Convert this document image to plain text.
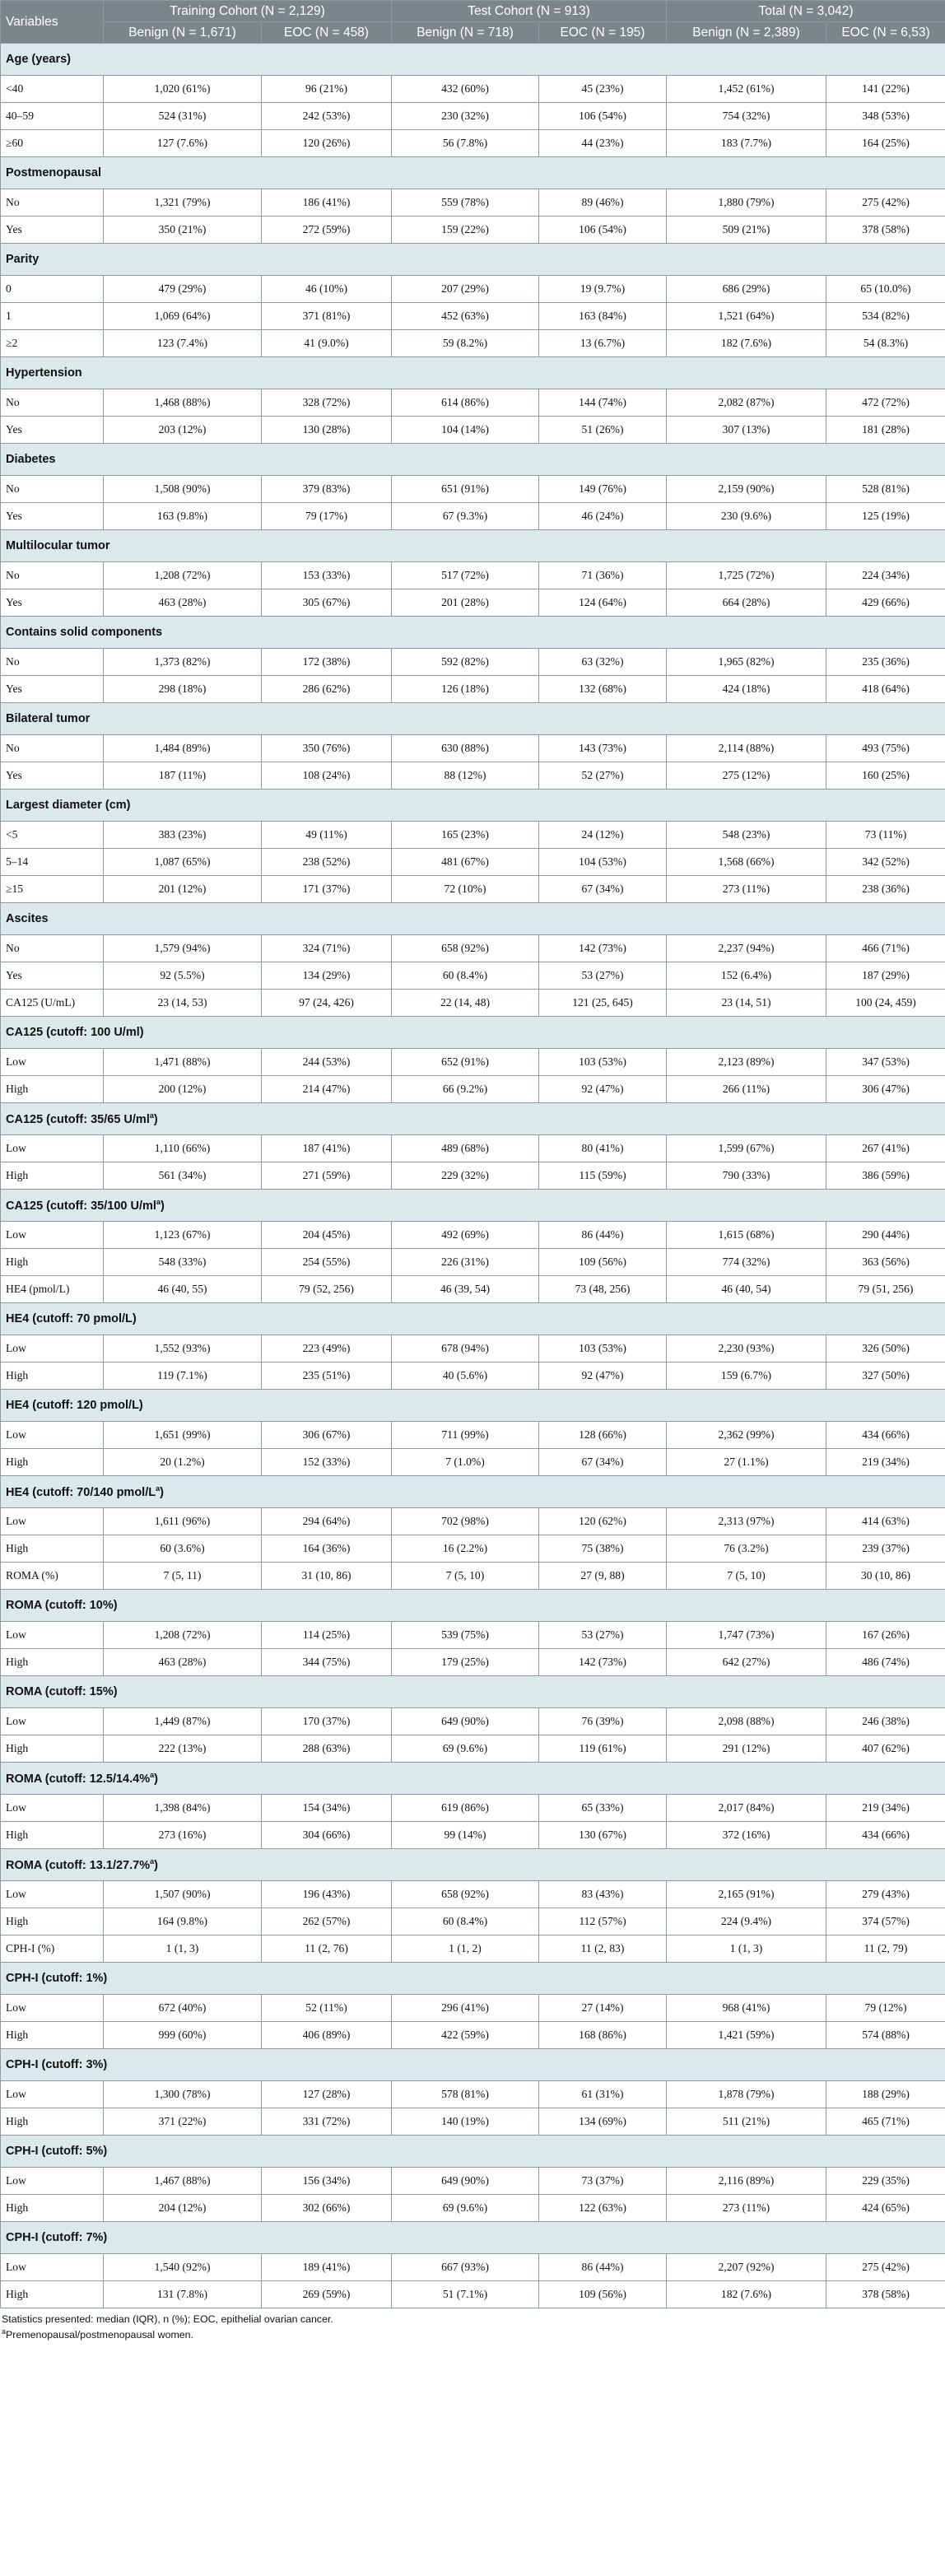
Variables	Training Cohort (N = 2,129)		Test Cohort (N = 913)		Total (N = 3,042)	
	Benign (N = 1,671)	EOC (N = 458)	Benign (N = 718)	EOC (N = 195)	Benign (N = 2,389)	EOC (N = 6,53)
Age (years)						
<40	1,020 (61%)	96 (21%)	432 (60%)	45 (23%)	1,452 (61%)	141 (22%)
40–59	524 (31%)	242 (53%)	230 (32%)	106 (54%)	754 (32%)	348 (53%)
≥60	127 (7.6%)	120 (26%)	56 (7.8%)	44 (23%)	183 (7.7%)	164 (25%)
Postmenopausal						
No	1,321 (79%)	186 (41%)	559 (78%)	89 (46%)	1,880 (79%)	275 (42%)
Yes	350 (21%)	272 (59%)	159 (22%)	106 (54%)	509 (21%)	378 (58%)
Parity						
0	479 (29%)	46 (10%)	207 (29%)	19 (9.7%)	686 (29%)	65 (10.0%)
1	1,069 (64%)	371 (81%)	452 (63%)	163 (84%)	1,521 (64%)	534 (82%)
≥2	123 (7.4%)	41 (9.0%)	59 (8.2%)	13 (6.7%)	182 (7.6%)	54 (8.3%)
Hypertension						
No	1,468 (88%)	328 (72%)	614 (86%)	144 (74%)	2,082 (87%)	472 (72%)
Yes	203 (12%)	130 (28%)	104 (14%)	51 (26%)	307 (13%)	181 (28%)
Diabetes						
No	1,508 (90%)	379 (83%)	651 (91%)	149 (76%)	2,159 (90%)	528 (81%)
Yes	163 (9.8%)	79 (17%)	67 (9.3%)	46 (24%)	230 (9.6%)	125 (19%)
Multilocular tumor						
No	1,208 (72%)	153 (33%)	517 (72%)	71 (36%)	1,725 (72%)	224 (34%)
Yes	463 (28%)	305 (67%)	201 (28%)	124 (64%)	664 (28%)	429 (66%)
Contains solid components						
No	1,373 (82%)	172 (38%)	592 (82%)	63 (32%)	1,965 (82%)	235 (36%)
Yes	298 (18%)	286 (62%)	126 (18%)	132 (68%)	424 (18%)	418 (64%)
Bilateral tumor						
No	1,484 (89%)	350 (76%)	630 (88%)	143 (73%)	2,114 (88%)	493 (75%)
Yes	187 (11%)	108 (24%)	88 (12%)	52 (27%)	275 (12%)	160 (25%)
Largest diameter (cm)						
<5	383 (23%)	49 (11%)	165 (23%)	24 (12%)	548 (23%)	73 (11%)
5–14	1,087 (65%)	238 (52%)	481 (67%)	104 (53%)	1,568 (66%)	342 (52%)
≥15	201 (12%)	171 (37%)	72 (10%)	67 (34%)	273 (11%)	238 (36%)
Ascites						
No	1,579 (94%)	324 (71%)	658 (92%)	142 (73%)	2,237 (94%)	466 (71%)
Yes	92 (5.5%)	134 (29%)	60 (8.4%)	53 (27%)	152 (6.4%)	187 (29%)
CA125 (U/mL)	23 (14, 53)	97 (24, 426)	22 (14, 48)	121 (25, 645)	23 (14, 51)	100 (24, 459)
CA125 (cutoff: 100 U/ml)						
Low	1,471 (88%)	244 (53%)	652 (91%)	103 (53%)	2,123 (89%)	347 (53%)
High	200 (12%)	214 (47%)	66 (9.2%)	92 (47%)	266 (11%)	306 (47%)
CA125 (cutoff: 35/65 $U/ml^a$)						
Low	1,110 (66%)	187 (41%)	489 (68%)	80 (41%)	1,599 (67%)	267 (41%)
High	561 (34%)	271 (59%)	229 (32%)	115 (59%)	790 (33%)	386 (59%)
CA125 (cutoff: 35/100 $U/ml^a$)						
Low	1,123 (67%)	204 (45%)	492 (69%)	86 (44%)	1,615 (68%)	290 (44%)
High	548 (33%)	254 (55%)	226 (31%)	109 (56%)	774 (32%)	363 (56%)
HE4 (pmol/L)	46 (40, 55)	79 (52, 256)	46 (39, 54)	73 (48, 256)	46 (40, 54)	79 (51, 256)
HE4 (cutoff: 70 pmol/L)						
Low	1,552 (93%)	223 (49%)	678 (94%)	103 (53%)	2,230 (93%)	326 (50%)
High	119 (7.1%)	235 (51%)	40 (5.6%)	92 (47%)	159 (6.7%)	327 (50%)
HE4 (cutoff: 120 pmol/L)						
Low	1,651 (99%)	306 (67%)	711 (99%)	128 (66%)	2,362 (99%)	434 (66%)
High	20 (1.2%)	152 (33%)	7 (1.0%)	67 (34%)	27 (1.1%)	219 (34%)
HE4 (cutoff: 70/140 pmol/$L^a$)						
Low	1,611 (96%)	294 (64%)	702 (98%)	120 (62%)	2,313 (97%)	414 (63%)
High	60 (3.6%)	164 (36%)	16 (2.2%)	75 (38%)	76 (3.2%)	239 (37%)
ROMA (%)	7 (5, 11)	31 (10, 86)	7 (5, 10)	27 (9, 88)	7 (5, 10)	30 (10, 86)
ROMA (cutoff: 10%)						
Low	1,208 (72%)	114 (25%)	539 (75%)	53 (27%)	1,747 (73%)	167 (26%)
High	463 (28%)	344 (75%)	179 (25%)	142 (73%)	642 (27%)	486 (74%)
ROMA (cutoff: 15%)						
Low	1,449 (87%)	170 (37%)	649 (90%)	76 (39%)	2,098 (88%)	246 (38%)
High	222 (13%)	288 (63%)	69 (9.6%)	119 (61%)	291 (12%)	407 (62%)
ROMA (cutoff: 12.5/14.4%$^a$)						
Low	1,398 (84%)	154 (34%)	619 (86%)	65 (33%)	2,017 (84%)	219 (34%)
High	273 (16%)	304 (66%)	99 (14%)	130 (67%)	372 (16%)	434 (66%)
ROMA (cutoff: 13.1/27.7%$^a$)						
Low	1,507 (90%)	196 (43%)	658 (92%)	83 (43%)	2,165 (91%)	279 (43%)
High	164 (9.8%)	262 (57%)	60 (8.4%)	112 (57%)	224 (9.4%)	374 (57%)
CPH-I (%)	1 (1, 3)	11 (2, 76)	1 (1, 2)	11 (2, 83)	1 (1, 3)	11 (2, 79)
CPH-I (cutoff: 1%)						
Low	672 (40%)	52 (11%)	296 (41%)	27 (14%)	968 (41%)	79 (12%)
High	999 (60%)	406 (89%)	422 (59%)	168 (86%)	1,421 (59%)	574 (88%)
CPH-I (cutoff: 3%)						
Low	1,300 (78%)	127 (28%)	578 (81%)	61 (31%)	1,878 (79%)	188 (29%)
High	371 (22%)	331 (72%)	140 (19%)	134 (69%)	511 (21%)	465 (71%)
CPH-I (cutoff: 5%)						
Low	1,467 (88%)	156 (34%)	649 (90%)	73 (37%)	2,116 (89%)	229 (35%)
High	204 (12%)	302 (66%)	69 (9.6%)	122 (63%)	273 (11%)	424 (65%)
CPH-I (cutoff: 7%)						
Low	1,540 (92%)	189 (41%)	667 (93%)	86 (44%)	2,207 (92%)	275 (42%)
High	131 (7.8%)	269 (59%)	51 (7.1%)	109 (56%)	182 (7.6%)	378 (58%)
Statistics presented: median (IQR), n (%); EOC, epithelial ovarian cancer.
$^a$Premenopausal/postmenopausal women.
